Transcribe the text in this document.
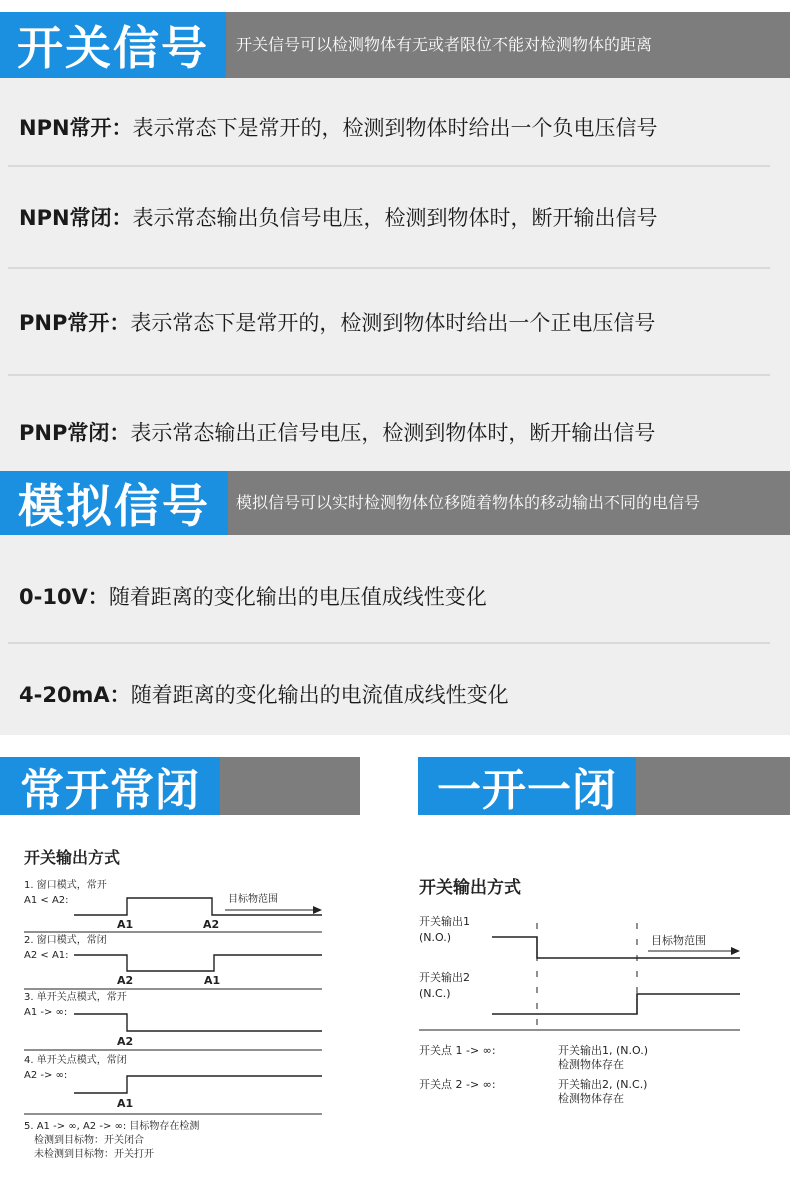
开关信号	开关信号可以检测物体有无或者限位不能对检测物体的距离
NPN常开： 表示常态下是常开的，检测到物体时给出一个负电压信号
NPN常闭： 表示常态输出负信号电压，检测到物体时，断开输出信号
PNP常开： 表示常态下是常开的，检测到物体时给出一个正电压信号
PNP常闭： 表示常态输出正信号电压，检测到物体时，断开输出信号
模拟信号	模拟信号可以实时检测物体位移随着物体的移动输出不同的电信号
0-10V： 随着距离的变化输出的电压值成线性变化
4-20mA： 随着距离的变化输出的电流值成线性变化
常开常闭	一开一闭
开关输出方式
1. 窗口模式，常开
A1 < A2:	目标物范围
A1	A2
2. 窗口模式，常闭
A2 < A1:
A2	A1
3. 单开关点模式，常开
A1 -> ∞:
A2
4. 单开关点模式，常闭
A2 -> ∞:
A1
5. A1 -> ∞, A2 -> ∞: 目标物存在检测
检测到目标物：开关闭合
未检测到目标物：开关打开
开关输出方式
开关输出1
(N.O.)	目标物范围
开关输出2
(N.C.)
开关点 1 -> ∞:	开关输出1, (N.O.)
检测物体存在
开关点 2 -> ∞:	开关输出2, (N.C.)
检测物体存在
